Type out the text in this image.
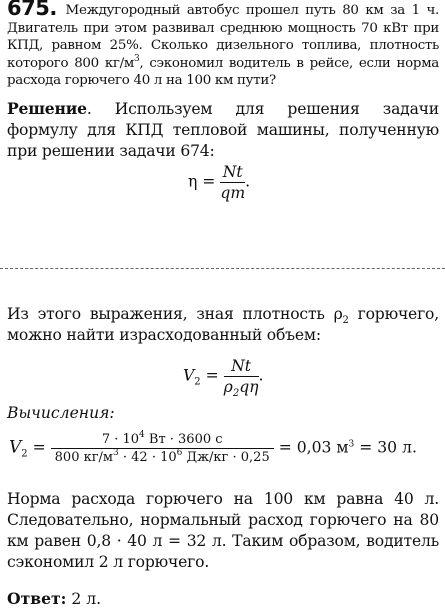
675. Междугородный автобус прошел путь 80 км за 1 ч. Двигатель при этом развивал среднюю мощность 70 кВт при КПД, равном 25%. Сколько дизельного топлива, плотность которого 800 $кг/м^3$, сэкономил водитель в рейсе, если норма расхода горючего 40 л на 100 км пути?
Решение. Используем для решения задачи формулу для КПД тепловой машины, полученную при решении задачи 674:
$\eta = \frac{Nt}{qm}$ .
Из этого выражения, зная плотность $\rho_2$ горючего, можно найти израсходованный объем:
$V_2 = \frac{Nt}{\rho_2q\eta}$ .
Вычисления:
$V_2 = \frac{7 \cdot 10^4 Вт \cdot 3600 с}{800 кг/м^3 \cdot 42 \cdot 10^6 Дж/кг \cdot 0,25} = 0,03$ $м^3 = 30$ л.
Норма расхода горючего на 100 км равна 40 л. Следовательно, нормальный расход горючего на 80 км равен 0,8 · 40 л = 32 л. Таким образом, водитель сэкономил 2 л горючего.
Ответ: 2 л.
